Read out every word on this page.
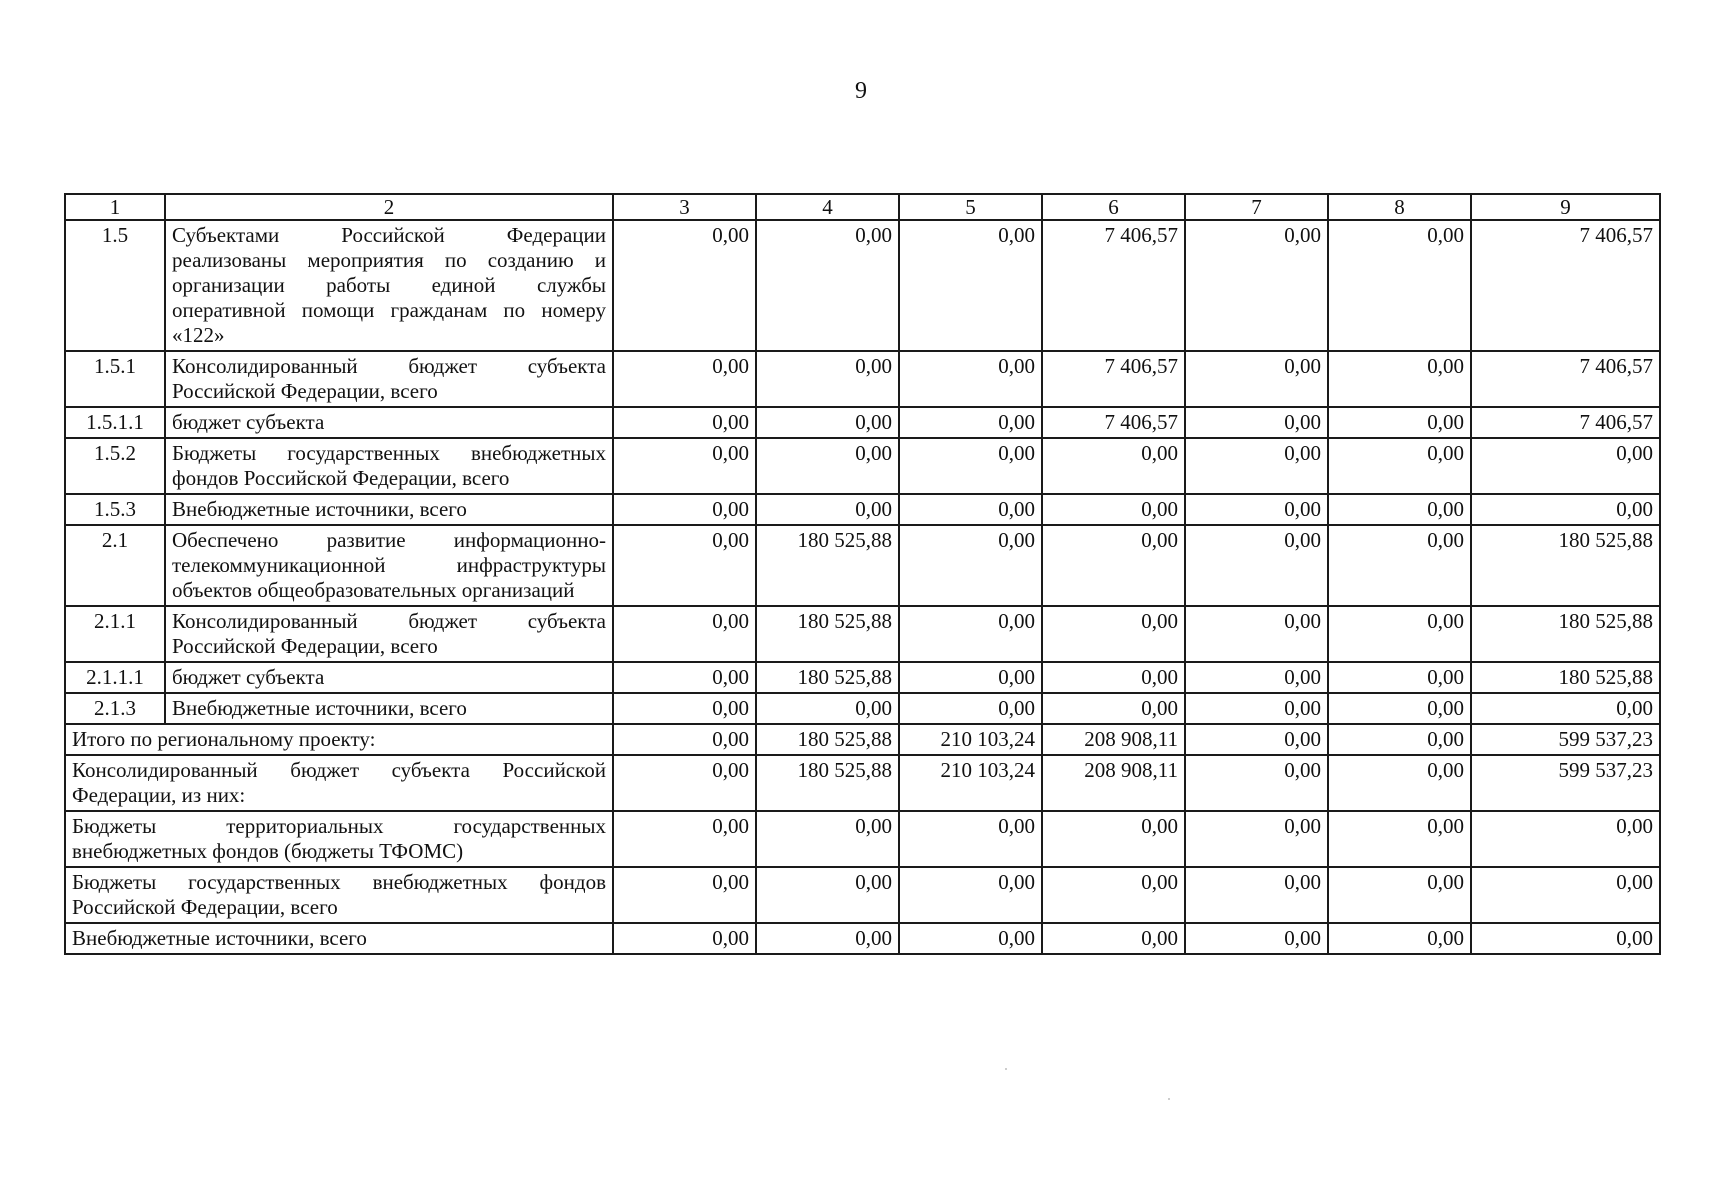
9
1	2	3	4	5	6	7	8	9
1.5	Субъектами Российской Федерации реализованы мероприятия по созданию и организации работы единой службы оперативной помощи гражданам по номеру «122»	0,00	0,00	0,00	7 406,57	0,00	0,00	7 406,57
1.5.1	Консолидированный бюджет субъекта Российской Федерации, всего	0,00	0,00	0,00	7 406,57	0,00	0,00	7 406,57
1.5.1.1	бюджет субъекта	0,00	0,00	0,00	7 406,57	0,00	0,00	7 406,57
1.5.2	Бюджеты государственных внебюджетных фондов Российской Федерации, всего	0,00	0,00	0,00	0,00	0,00	0,00	0,00
1.5.3	Внебюджетные источники, всего	0,00	0,00	0,00	0,00	0,00	0,00	0,00
2.1	Обеспечено развитие информационно-телекоммуникационной инфраструктуры объектов общеобразовательных организаций	0,00	180 525,88	0,00	0,00	0,00	0,00	180 525,88
2.1.1	Консолидированный бюджет субъекта Российской Федерации, всего	0,00	180 525,88	0,00	0,00	0,00	0,00	180 525,88
2.1.1.1	бюджет субъекта	0,00	180 525,88	0,00	0,00	0,00	0,00	180 525,88
2.1.3	Внебюджетные источники, всего	0,00	0,00	0,00	0,00	0,00	0,00	0,00
Итого по региональному проекту:		0,00	180 525,88	210 103,24	208 908,11	0,00	0,00	599 537,23
Консолидированный бюджет субъекта Российской Федерации, из них:		0,00	180 525,88	210 103,24	208 908,11	0,00	0,00	599 537,23
Бюджеты территориальных государственных внебюджетных фондов (бюджеты ТФОМС)		0,00	0,00	0,00	0,00	0,00	0,00	0,00
Бюджеты государственных внебюджетных фондов Российской Федерации, всего		0,00	0,00	0,00	0,00	0,00	0,00	0,00
Внебюджетные источники, всего		0,00	0,00	0,00	0,00	0,00	0,00	0,00
